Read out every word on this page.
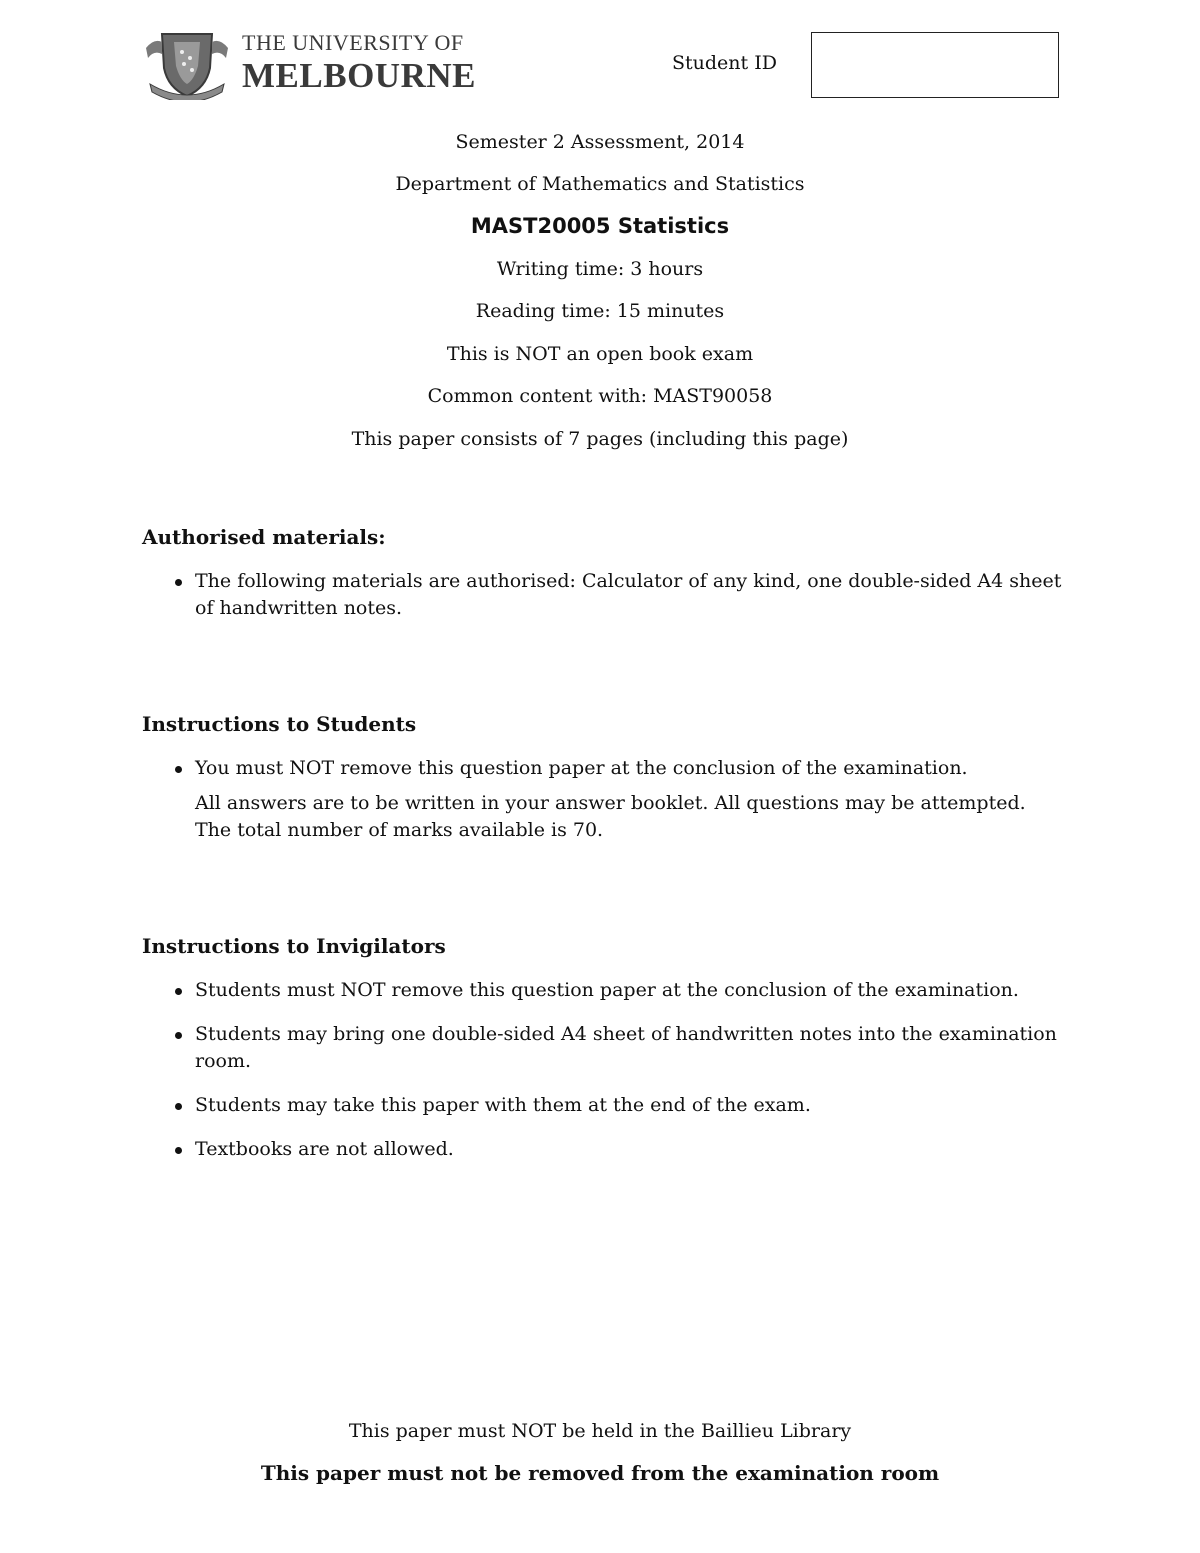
THE UNIVERSITY OF
MELBOURNE	Student ID
Semester 2 Assessment, 2014
Department of Mathematics and Statistics
MAST20005 Statistics
Writing time: 3 hours
Reading time: 15 minutes
This is NOT an open book exam
Common content with: MAST90058
This paper consists of 7 pages (including this page)
Authorised materials:
The following materials are authorised: Calculator of any kind, one double-sided A4 sheet of handwritten notes.
Instructions to Students
You must NOT remove this question paper at the conclusion of the examination.
All answers are to be written in your answer booklet. All questions may be attempted. The total number of marks available is 70.
Instructions to Invigilators
Students must NOT remove this question paper at the conclusion of the examination.
Students may bring one double-sided A4 sheet of handwritten notes into the examination room.
Students may take this paper with them at the end of the exam.
Textbooks are not allowed.
This paper must NOT be held in the Baillieu Library
This paper must not be removed from the examination room
